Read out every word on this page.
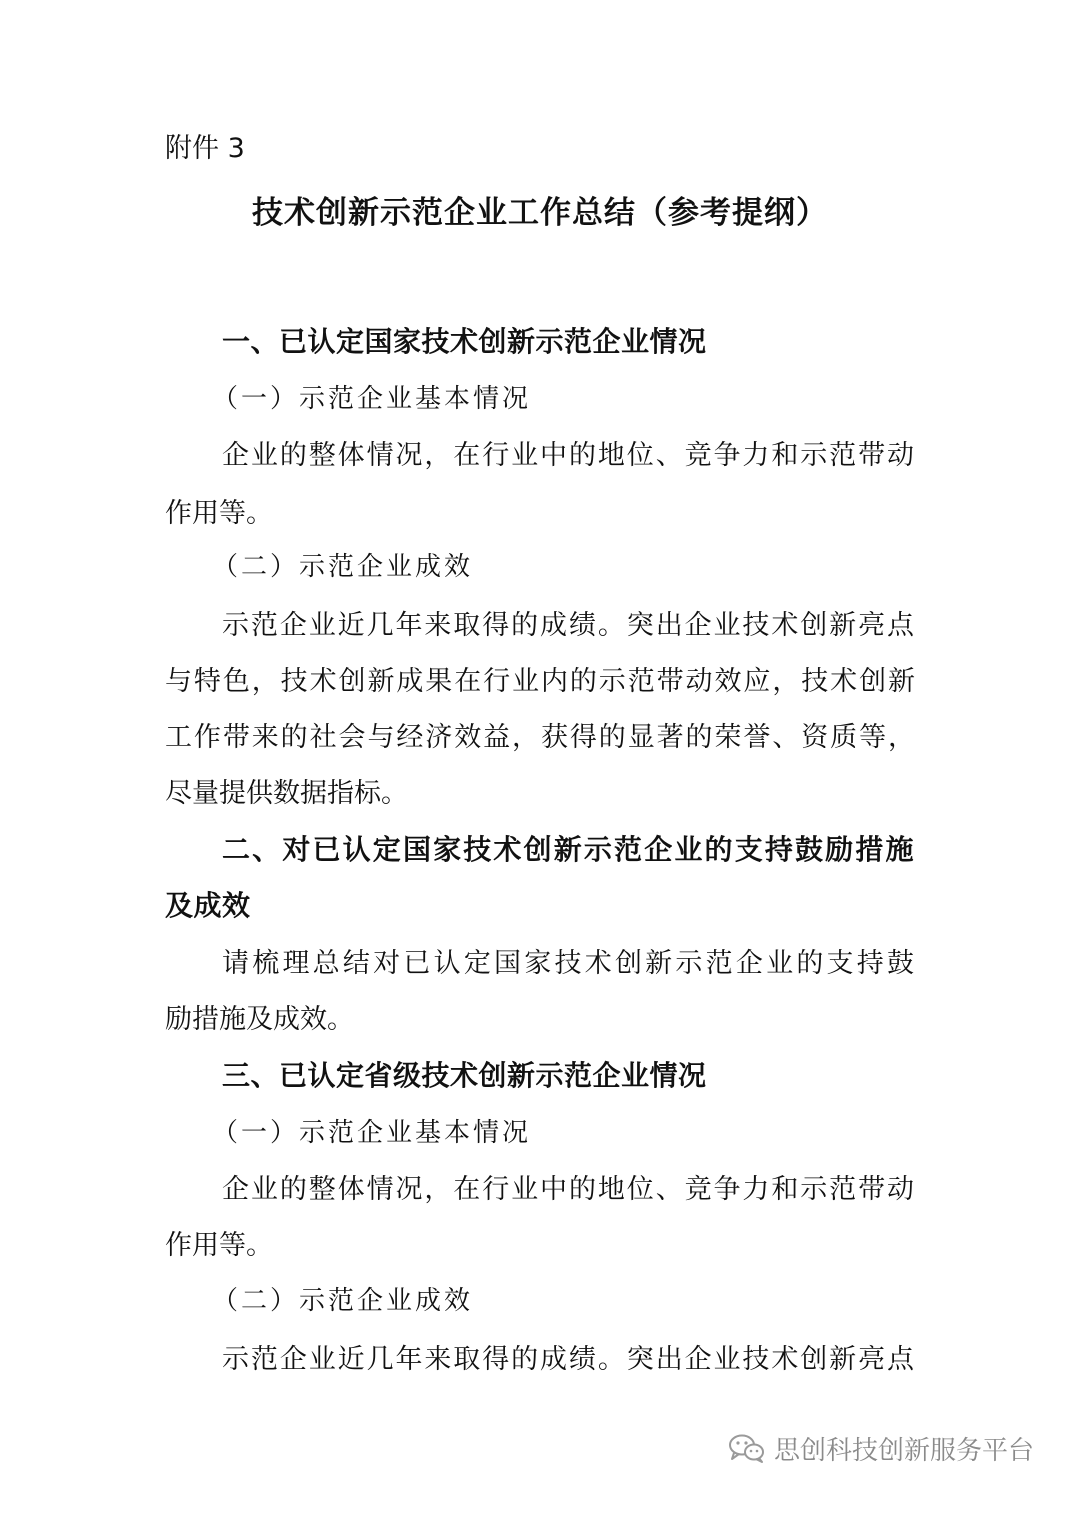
附件 3
技术创新示范企业工作总结（参考提纲）
一、已认定国家技术创新示范企业情况
（一）示范企业基本情况
企业的整体情况，在行业中的地位、竞争力和示范带动
作用等。
（二）示范企业成效
示范企业近几年来取得的成绩。突出企业技术创新亮点
与特色，技术创新成果在行业内的示范带动效应，技术创新
工作带来的社会与经济效益，获得的显著的荣誉、资质等，
尽量提供数据指标。
二、对已认定国家技术创新示范企业的支持鼓励措施
及成效
请梳理总结对已认定国家技术创新示范企业的支持鼓
励措施及成效。
三、已认定省级技术创新示范企业情况
（一）示范企业基本情况
企业的整体情况，在行业中的地位、竞争力和示范带动
作用等。
（二）示范企业成效
示范企业近几年来取得的成绩。突出企业技术创新亮点
思创科技创新服务平台
